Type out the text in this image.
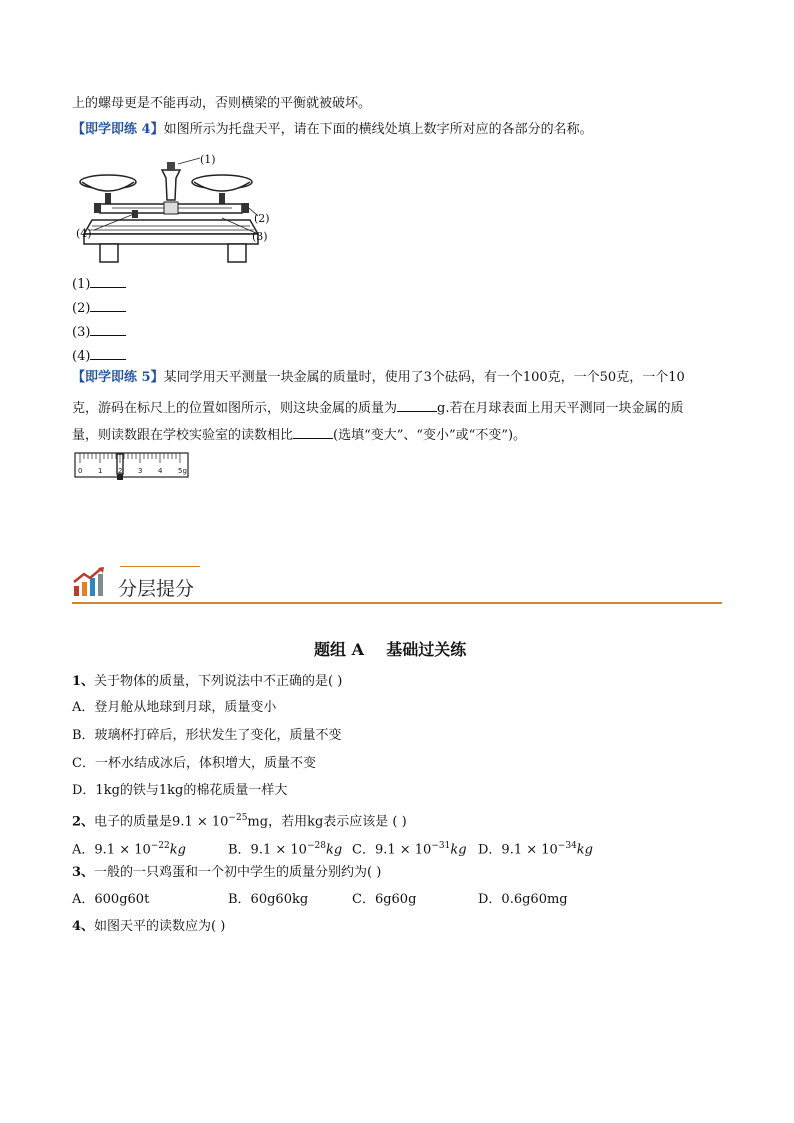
上的螺母更是不能再动，否则横梁的平衡就被破坏。
【即学即练 4】如图所示为托盘天平，请在下面的横线处填上数字所对应的各部分的名称。
(1)
(2)
(3)
(4)
(1)
(2)
(3)
(4)
【即学即练 5】某同学用天平测量一块金属的质量时，使用了3个砝码，有一个100克，一个50克，一个10
克，游码在标尺上的位置如图所示，则这块金属的质量为	g.若在月球表面上用天平测同一块金属的质
量，则读数跟在学校实验室的读数相比	(选填“变大”、“变小”或“不变”)。
0 1 2 3 4 5g
分层提分
题组 A    基础过关练
1、关于物体的质量，下列说法中不正确的是( )
A．登月舱从地球到月球，质量变小
B．玻璃杯打碎后，形状发生了变化，质量不变
C．一杯水结成冰后，体积增大，质量不变
D．1kg的铁与1kg的棉花质量一样大
2、电子的质量是$9.1 \times 10^{-25}mg$，若用kg表示应该是 ( )
A．$9.1 \times 10^{-22}kg$	B．$9.1 \times 10^{-28}kg$ C．$9.1 \times 10^{-31}kg$ D．$9.1 \times 10^{-34}kg$
3、一般的一只鸡蛋和一个初中学生的质量分别约为( )
A．600g60t	B．60g60kg	C．6g60g	D．0.6g60mg
4、如图天平的读数应为( )
